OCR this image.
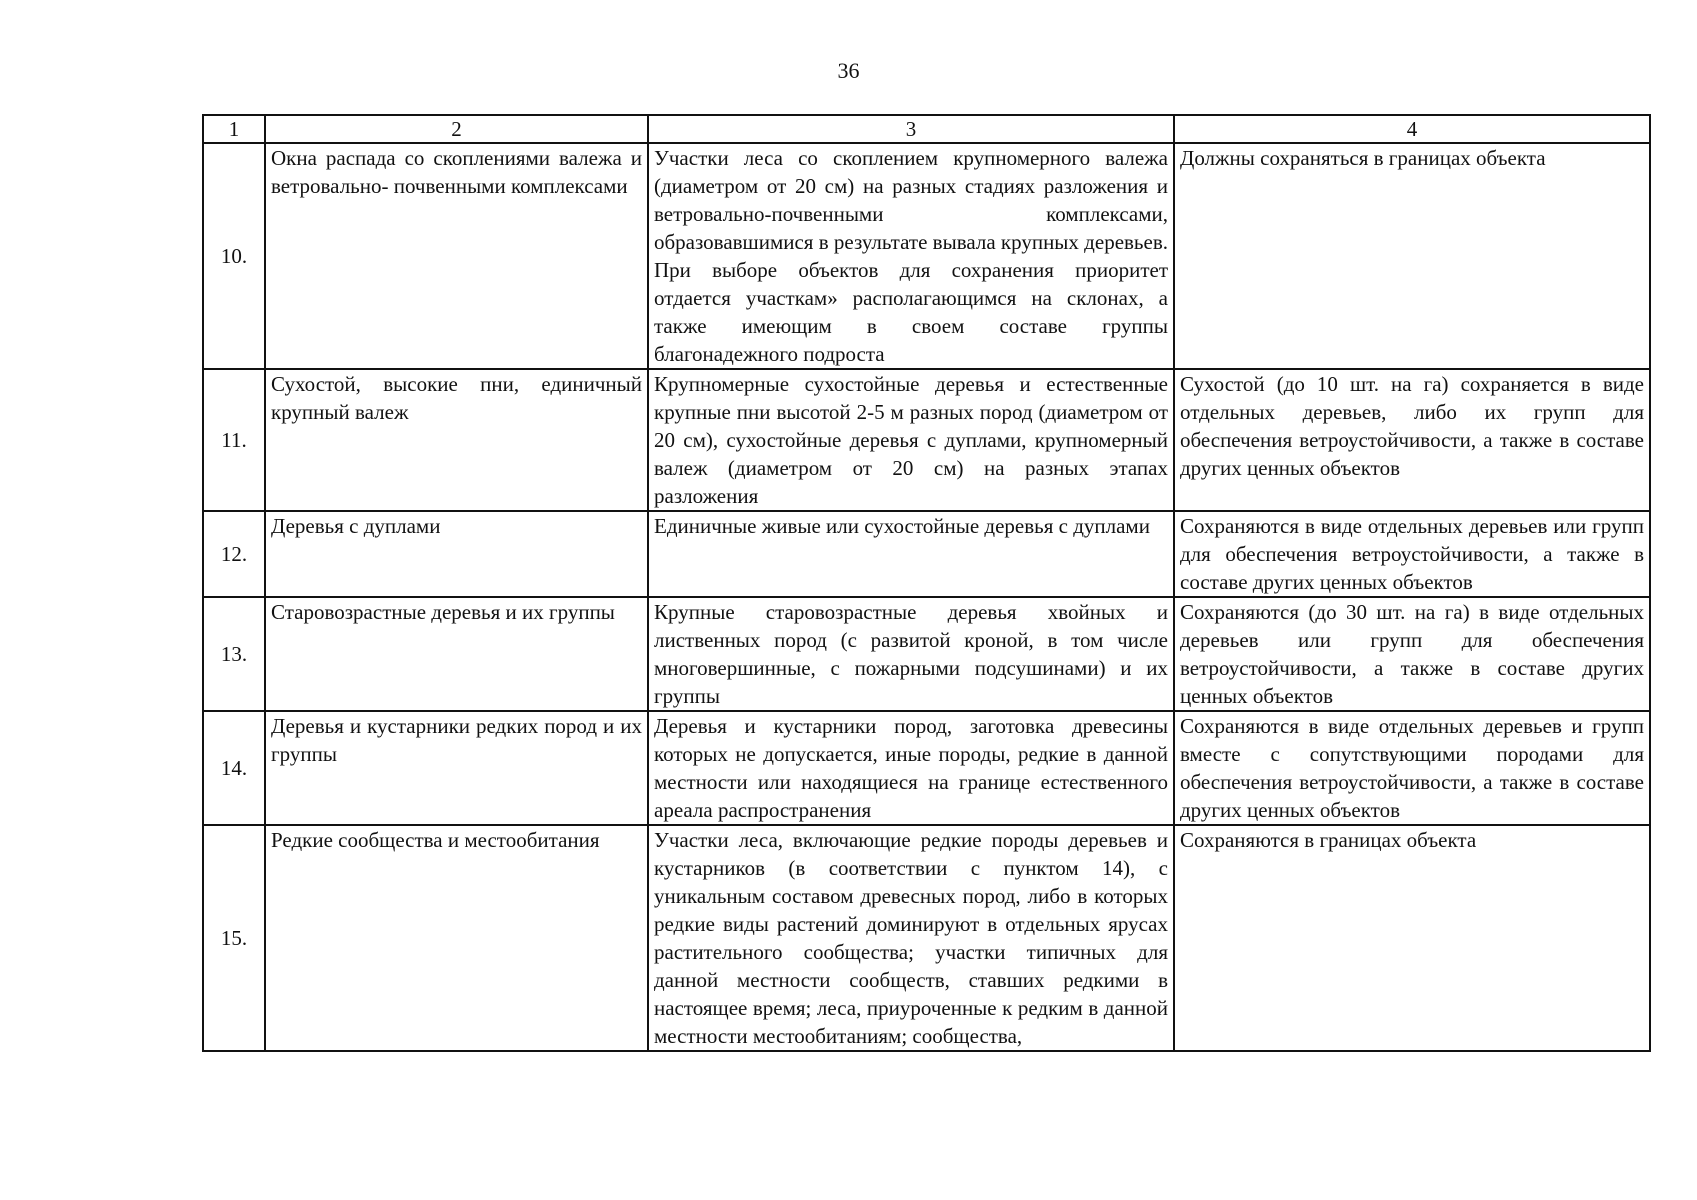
36
1	2	3	4
10.	Окна распада со скоплениями валежа и ветровально- почвенными комплексами	Участки леса со скоплением крупномерного валежа (диаметром от 20 см) на разных стадиях разложения и ветровально-почвенными комплексами, образовавшимися в результате вывала крупных деревьев. При выборе объектов для сохранения приоритет отдается участкам» располагающимся на склонах, а также имеющим в своем составе группы благонадежного подроста	Должны сохраняться в границах объекта
11.	Сухостой, высокие пни, единичный крупный валеж	Крупномерные сухостойные деревья и естественные крупные пни высотой 2-5 м разных пород (диаметром от 20 см), сухостойные деревья с дуплами, крупномерный валеж (диаметром от 20 см) на разных этапах разложения	Сухостой (до 10 шт. на га) сохраняется в виде отдельных деревьев, либо их групп для обеспечения ветроустойчивости, а также в составе других ценных объектов
12.	Деревья с дуплами	Единичные живые или сухостойные деревья с дуплами	Сохраняются в виде отдельных деревьев или групп для обеспечения ветроустойчивости, а также в составе других ценных объектов
13.	Старовозрастные деревья и их группы	Крупные старовозрастные деревья хвойных и лиственных пород (с развитой кроной, в том числе многовершинные, с пожарными подсушинами) и их группы	Сохраняются (до 30 шт. на га) в виде отдельных деревьев или групп для обеспечения ветроустойчивости, а также в составе других ценных объектов
14.	Деревья и кустарники редких пород и их группы	Деревья и кустарники пород, заготовка древесины которых не допускается, иные породы, редкие в данной местности или находящиеся на границе естественного ареала распространения	Сохраняются в виде отдельных деревьев и групп вместе с сопутствующими породами для обеспечения ветроустойчивости, а также в составе других ценных объектов
15.	Редкие сообщества и местообитания	Участки леса, включающие редкие породы деревьев и кустарников (в соответствии с пунктом 14), с уникальным составом древесных пород, либо в которых редкие виды растений доминируют в отдельных ярусах растительного сообщества; участки типичных для данной местности сообществ, ставших редкими в настоящее время; леса, приуроченные к редким в данной местности местообитаниям; сообщества,	Сохраняются в границах объекта
